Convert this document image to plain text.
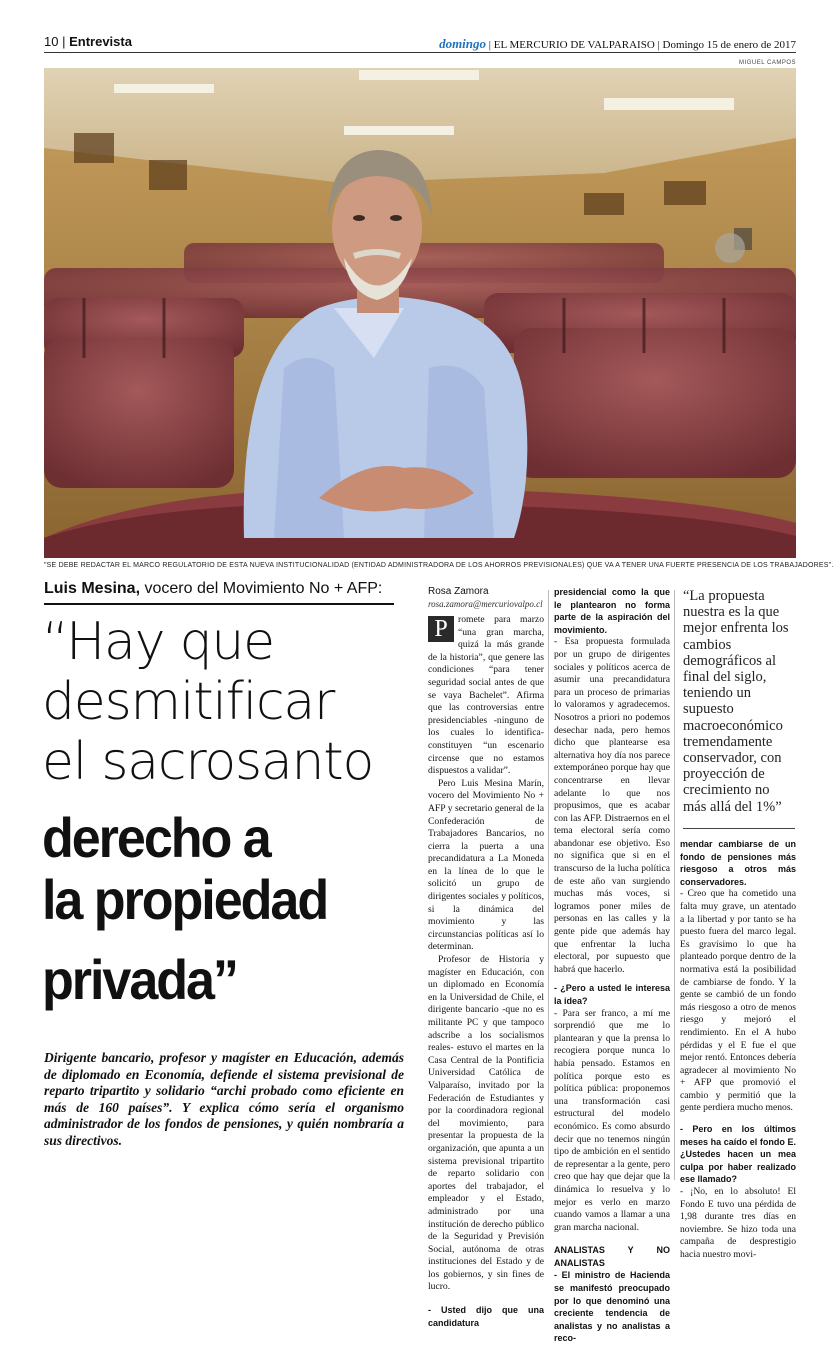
10 | Entrevista	domingo | EL MERCURIO DE VALPARAISO | Domingo 15 de enero de 2017
MIGUEL CAMPOS
"SE DEBE REDACTAR EL MARCO REGULATORIO DE ESTA NUEVA INSTITUCIONALIDAD (ENTIDAD ADMINISTRADORA DE LOS AHORROS PREVISIONALES) QUE VA A TENER UNA FUERTE PRESENCIA DE LOS TRABAJADORES".
Luis Mesina, vocero del Movimiento No + AFP:
“Hay que
desmitificar
el sacrosanto
derecho a
la propiedad
privada”
Dirigente bancario, profesor y magíster en Educación, además de diplomado en Economía, defiende el sistema previsional de reparto tripartito y solidario “archi probado como eficiente en más de 160 países”. Y explica cómo sería el organismo administrador de los fondos de pensiones, y quién nombraría a sus directivos.
Rosa Zamora
rosa.zamora@mercuriovalpo.cl

P	romete para marzo “una gran marcha, quizá la más grande de la historia”, que genere las condiciones “para tener seguridad social antes de que se vaya Bachelet”. Afirma que las controversias entre presidenciables -ninguno de los cuales lo identifica- constituyen “un escenario circense que no estamos dispuestos a validar”.

Pero Luis Mesina Marín, vocero del Movimiento No + AFP y secretario general de la Confederación de Trabajadores Bancarios, no cierra la puerta a una precandidatura a La Moneda en la línea de lo que le solicitó un grupo de dirigentes sociales y políticos, si la dinámica del movimiento y las circunstancias políticas así lo determinan.

Profesor de Historia y magíster en Educación, con un diplomado en Economía en la Universidad de Chile, el dirigente bancario -que no es militante PC y que tampoco adscribe a los socialismos reales- estuvo el martes en la Casa Central de la Pontificia Universidad Católica de Valparaíso, invitado por la Federación de Estudiantes y por la coordinadora regional del movimiento, para presentar la propuesta de la organización, que apunta a un sistema previsional tripartito de reparto solidario con aportes del trabajador, el empleador y el Estado, administrado por una institución de derecho público de la Seguridad y Previsión Social, autónoma de otras instituciones del Estado y de los gobiernos, y sin fines de lucro.

- Usted dijo que una candidatura

presidencial como la que le plantearon no forma parte de la aspiración del movimiento.

- Esa propuesta formulada por un grupo de dirigentes sociales y políticos acerca de asumir una precandidatura para un proceso de primarias lo valoramos y agradecemos. Nosotros a priori no podemos desechar nada, pero hemos dicho que plantearse esa alternativa hoy día nos parece extemporáneo porque hay que concentrarse en llevar adelante lo que nos propusimos, que es acabar con las AFP. Distraernos en el tema electoral sería como abandonar ese objetivo. Eso no significa que si en el transcurso de la lucha política de este año van surgiendo muchas más voces, si logramos poner miles de personas en las calles y la gente pide que además hay que enfrentar la lucha electoral, por supuesto que habrá que hacerlo.

- ¿Pero a usted le interesa la idea?

- Para ser franco, a mí me sorprendió que me lo plantearan y que la prensa lo recogiera porque nunca lo había pensado. Estamos en política porque esto es política pública: proponemos una transformación casi estructural del modelo económico. Es como absurdo decir que no tenemos ningún tipo de ambición en el sentido de representar a la gente, pero creo que hay que dejar que la dinámica lo resuelva y lo mejor es verlo en marzo cuando vamos a llamar a una gran marcha nacional.

ANALISTAS Y NO ANALISTAS

- El ministro de Hacienda se manifestó preocupado por lo que denominó una creciente tendencia de analistas y no analistas a reco-

“La propuesta nuestra es la que mejor enfrenta los cambios demográficos al final del siglo, teniendo un supuesto macroeconómico tremendamente conservador, con proyección de crecimiento no más allá del 1%”

mendar cambiarse de un fondo de pensiones más riesgoso a otros más conservadores.

- Creo que ha cometido una falta muy grave, un atentado a la libertad y por tanto se ha puesto fuera del marco legal. Es gravísimo lo que ha planteado porque dentro de la normativa está la posibilidad de cambiarse de fondo. Y la gente se cambió de un fondo más riesgoso a otro de menos riesgo y mejoró el rendimiento. En el A hubo pérdidas y el E fue el que mejor rentó. Entonces debería agradecer al movimiento No + AFP que promovió el cambio y permitió que la gente perdiera mucho menos.

- Pero en los últimos meses ha caído el fondo E. ¿Ustedes hacen un mea culpa por haber realizado ese llamado?

- ¡No, en lo absoluto! El Fondo E tuvo una pérdida de 1,98 durante tres días en noviembre. Se hizo toda una campaña de desprestigio hacia nuestro movi-
